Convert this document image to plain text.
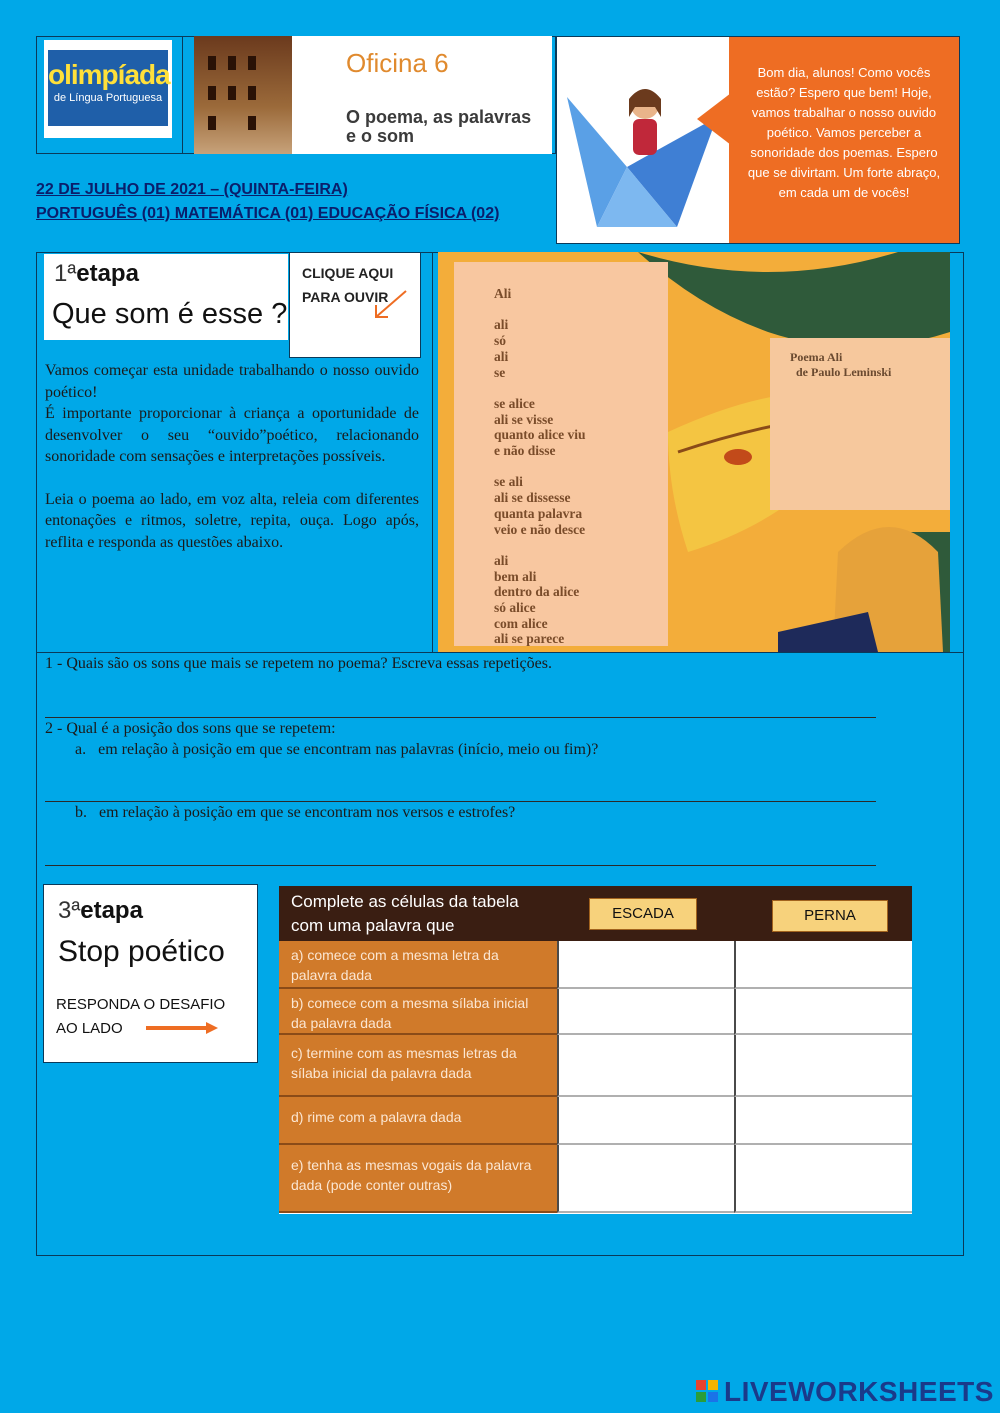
olimpíada
de Língua Portuguesa
Oficina 6
O poema, as palavras e o som
Bom dia, alunos! Como vocês estão? Espero que bem! Hoje, vamos trabalhar o nosso ouvido poético. Vamos perceber a sonoridade dos poemas. Espero que se divirtam. Um forte abraço, em cada um de vocês!
22 DE JULHO DE 2021 – (QUINTA-FEIRA)
PORTUGUÊS (01) MATEMÁTICA (01) EDUCAÇÃO FÍSICA (02)
1ªetapa
Que som é esse ?
CLIQUE AQUI PARA OUVIR

Vamos começar esta unidade trabalhando o nosso ouvido poético!

É importante proporcionar à criança a oportunidade de desenvolver o seu “ouvido”poético, relacionando sonoridade com sensações e interpretações possíveis.

Leia o poema ao lado, em voz alta, releia com diferentes entonações e ritmos, soletre, repita, ouça. Logo após, reflita e responda as questões abaixo.

Ali

ali
só
ali
se

se alice
ali se visse
quanto alice viu
e não disse

se ali
ali se dissesse
quanta palavra
veio e não desce

ali
bem ali
dentro da alice
só alice
com alice
ali se parece
Poema Ali
de Paulo Leminski
1 - Quais são os sons que mais se repetem no poema? Escreva essas repetições.
2 - Qual é a posição dos sons que se repetem:
a. em relação à posição em que se encontram nas palavras (início, meio ou fim)?
b. em relação à posição em que se encontram nos versos e estrofes?
3ªetapa
Stop poético
RESPONDA O DESAFIO AO LADO
Complete as células da tabela com uma palavra que
ESCADA	PERNA
a) comece com a mesma letra da palavra dada
b) comece com a mesma sílaba inicial da palavra dada
c) termine com as mesmas letras da sílaba inicial da palavra dada
d) rime com a palavra dada
e) tenha as mesmas vogais da palavra dada (pode conter outras)
LIVEWORKSHEETS
